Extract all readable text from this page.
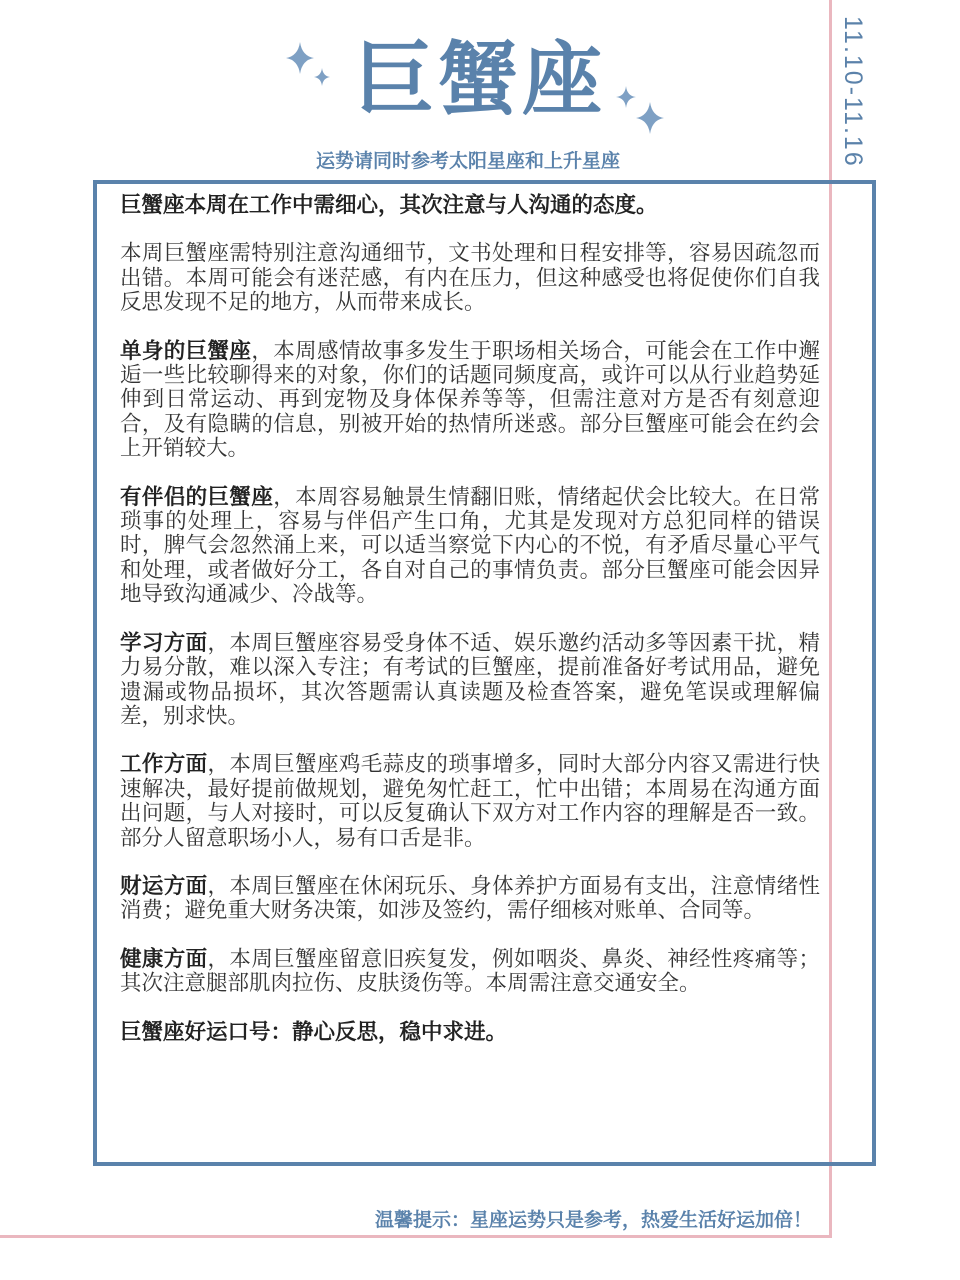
11.10-11.16
巨蟹座
运势请同时参考太阳星座和上升星座

巨蟹座本周在工作中需细心，其次注意与人沟通的态度。

本周巨蟹座需特别注意沟通细节，文书处理和日程安排等，容易因疏忽而出错。本周可能会有迷茫感，有内在压力，但这种感受也将促使你们自我反思发现不足的地方，从而带来成长。

单身的巨蟹座，本周感情故事多发生于职场相关场合，可能会在工作中邂逅一些比较聊得来的对象，你们的话题同频度高，或许可以从行业趋势延伸到日常运动、再到宠物及身体保养等等，但需注意对方是否有刻意迎合，及有隐瞒的信息，别被开始的热情所迷惑。部分巨蟹座可能会在约会上开销较大。

有伴侣的巨蟹座，本周容易触景生情翻旧账，情绪起伏会比较大。在日常琐事的处理上，容易与伴侣产生口角，尤其是发现对方总犯同样的错误时，脾气会忽然涌上来，可以适当察觉下内心的不悦，有矛盾尽量心平气和处理，或者做好分工，各自对自己的事情负责。部分巨蟹座可能会因异地导致沟通减少、冷战等。

学习方面，本周巨蟹座容易受身体不适、娱乐邀约活动多等因素干扰，精力易分散，难以深入专注；有考试的巨蟹座，提前准备好考试用品，避免遗漏或物品损坏，其次答题需认真读题及检查答案，避免笔误或理解偏差，别求快。

工作方面，本周巨蟹座鸡毛蒜皮的琐事增多，同时大部分内容又需进行快速解决，最好提前做规划，避免匆忙赶工，忙中出错；本周易在沟通方面出问题，与人对接时，可以反复确认下双方对工作内容的理解是否一致。部分人留意职场小人，易有口舌是非。

财运方面，本周巨蟹座在休闲玩乐、身体养护方面易有支出，注意情绪性消费；避免重大财务决策，如涉及签约，需仔细核对账单、合同等。

健康方面，本周巨蟹座留意旧疾复发，例如咽炎、鼻炎、神经性疼痛等；其次注意腿部肌肉拉伤、皮肤烫伤等。本周需注意交通安全。

巨蟹座好运口号：静心反思，稳中求进。

温馨提示：星座运势只是参考，热爱生活好运加倍！
